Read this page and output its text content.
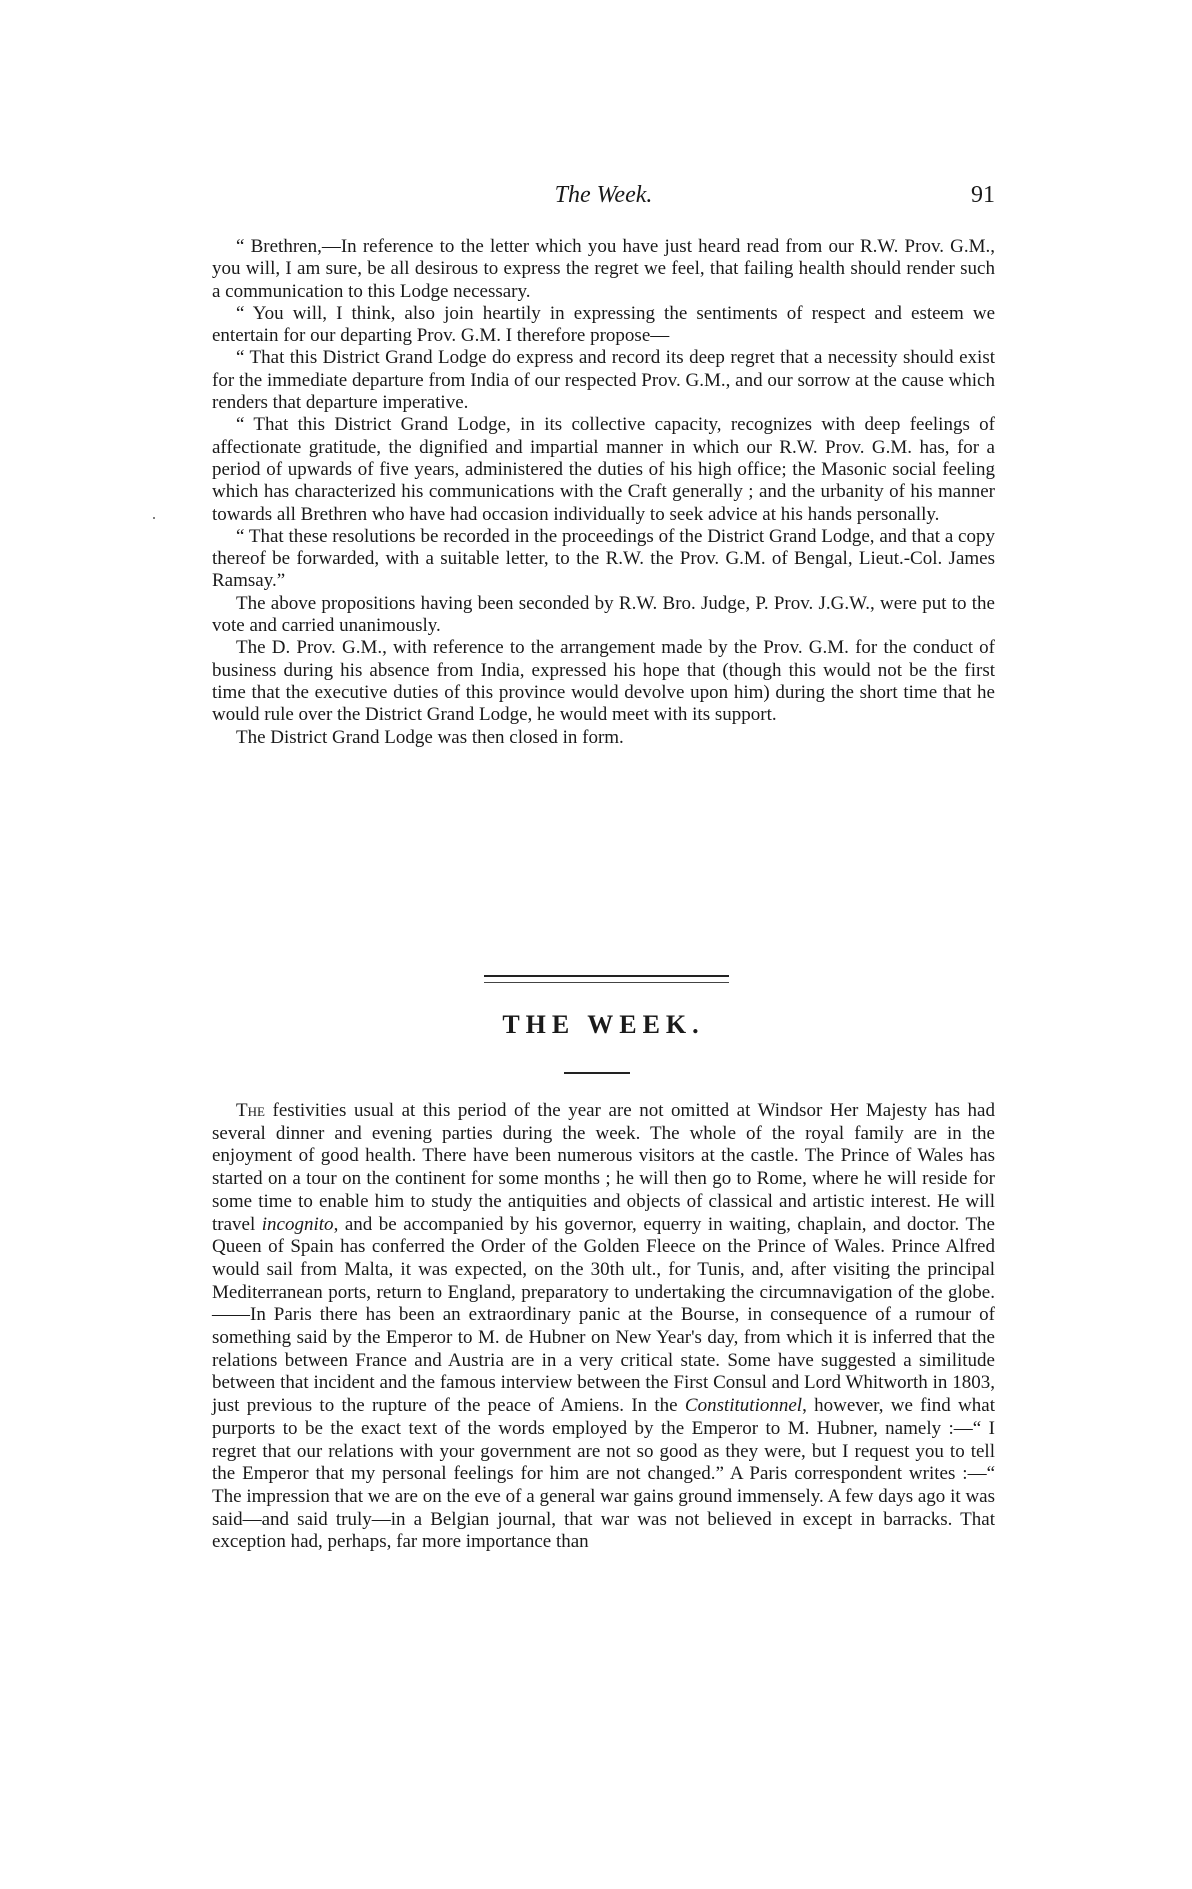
The Week.	91

“ Brethren,—In reference to the letter which you have just heard read from our R.W. Prov. G.M., you will, I am sure, be all desirous to express the regret we feel, that failing health should render such a communication to this Lodge necessary.

“ You will, I think, also join heartily in expressing the sentiments of respect and esteem we entertain for our departing Prov. G.M. I therefore propose—

“ That this District Grand Lodge do express and record its deep regret that a necessity should exist for the immediate departure from India of our respected Prov. G.M., and our sorrow at the cause which renders that departure imperative.

“ That this District Grand Lodge, in its collective capacity, recognizes with deep feelings of affectionate gratitude, the dignified and impartial manner in which our R.W. Prov. G.M. has, for a period of upwards of five years, administered the duties of his high office; the Masonic social feeling which has characterized his communications with the Craft generally ; and the urbanity of his manner towards all Brethren who have had occasion individually to seek advice at his hands personally.

“ That these resolutions be recorded in the proceedings of the District Grand Lodge, and that a copy thereof be forwarded, with a suitable letter, to the R.W. the Prov. G.M. of Bengal, Lieut.-Col. James Ramsay.”

The above propositions having been seconded by R.W. Bro. Judge, P. Prov. J.G.W., were put to the vote and carried unanimously.

The D. Prov. G.M., with reference to the arrangement made by the Prov. G.M. for the conduct of business during his absence from India, expressed his hope that (though this would not be the first time that the executive duties of this province would devolve upon him) during the short time that he would rule over the District Grand Lodge, he would meet with its support.

The District Grand Lodge was then closed in form.

THE WEEK.

The festivities usual at this period of the year are not omitted at Windsor Her Majesty has had several dinner and evening parties during the week. The whole of the royal family are in the enjoyment of good health. There have been numerous visitors at the castle. The Prince of Wales has started on a tour on the continent for some months ; he will then go to Rome, where he will reside for some time to enable him to study the antiquities and objects of classical and artistic interest. He will travel incognito, and be accompanied by his governor, equerry in waiting, chaplain, and doctor. The Queen of Spain has conferred the Order of the Golden Fleece on the Prince of Wales. Prince Alfred would sail from Malta, it was expected, on the 30th ult., for Tunis, and, after visiting the principal Mediterranean ports, return to England, preparatory to undertaking the circumnavigation of the globe.——In Paris there has been an extraordinary panic at the Bourse, in consequence of a rumour of something said by the Emperor to M. de Hubner on New Year's day, from which it is inferred that the relations between France and Austria are in a very critical state. Some have suggested a similitude between that incident and the famous interview between the First Consul and Lord Whitworth in 1803, just previous to the rupture of the peace of Amiens. In the Constitutionnel, however, we find what purports to be the exact text of the words employed by the Emperor to M. Hubner, namely :—“ I regret that our relations with your government are not so good as they were, but I request you to tell the Emperor that my personal feelings for him are not changed.” A Paris correspondent writes :—“ The impression that we are on the eve of a general war gains ground immensely. A few days ago it was said—and said truly—in a Belgian journal, that war was not believed in except in barracks. That exception had, perhaps, far more importance than
